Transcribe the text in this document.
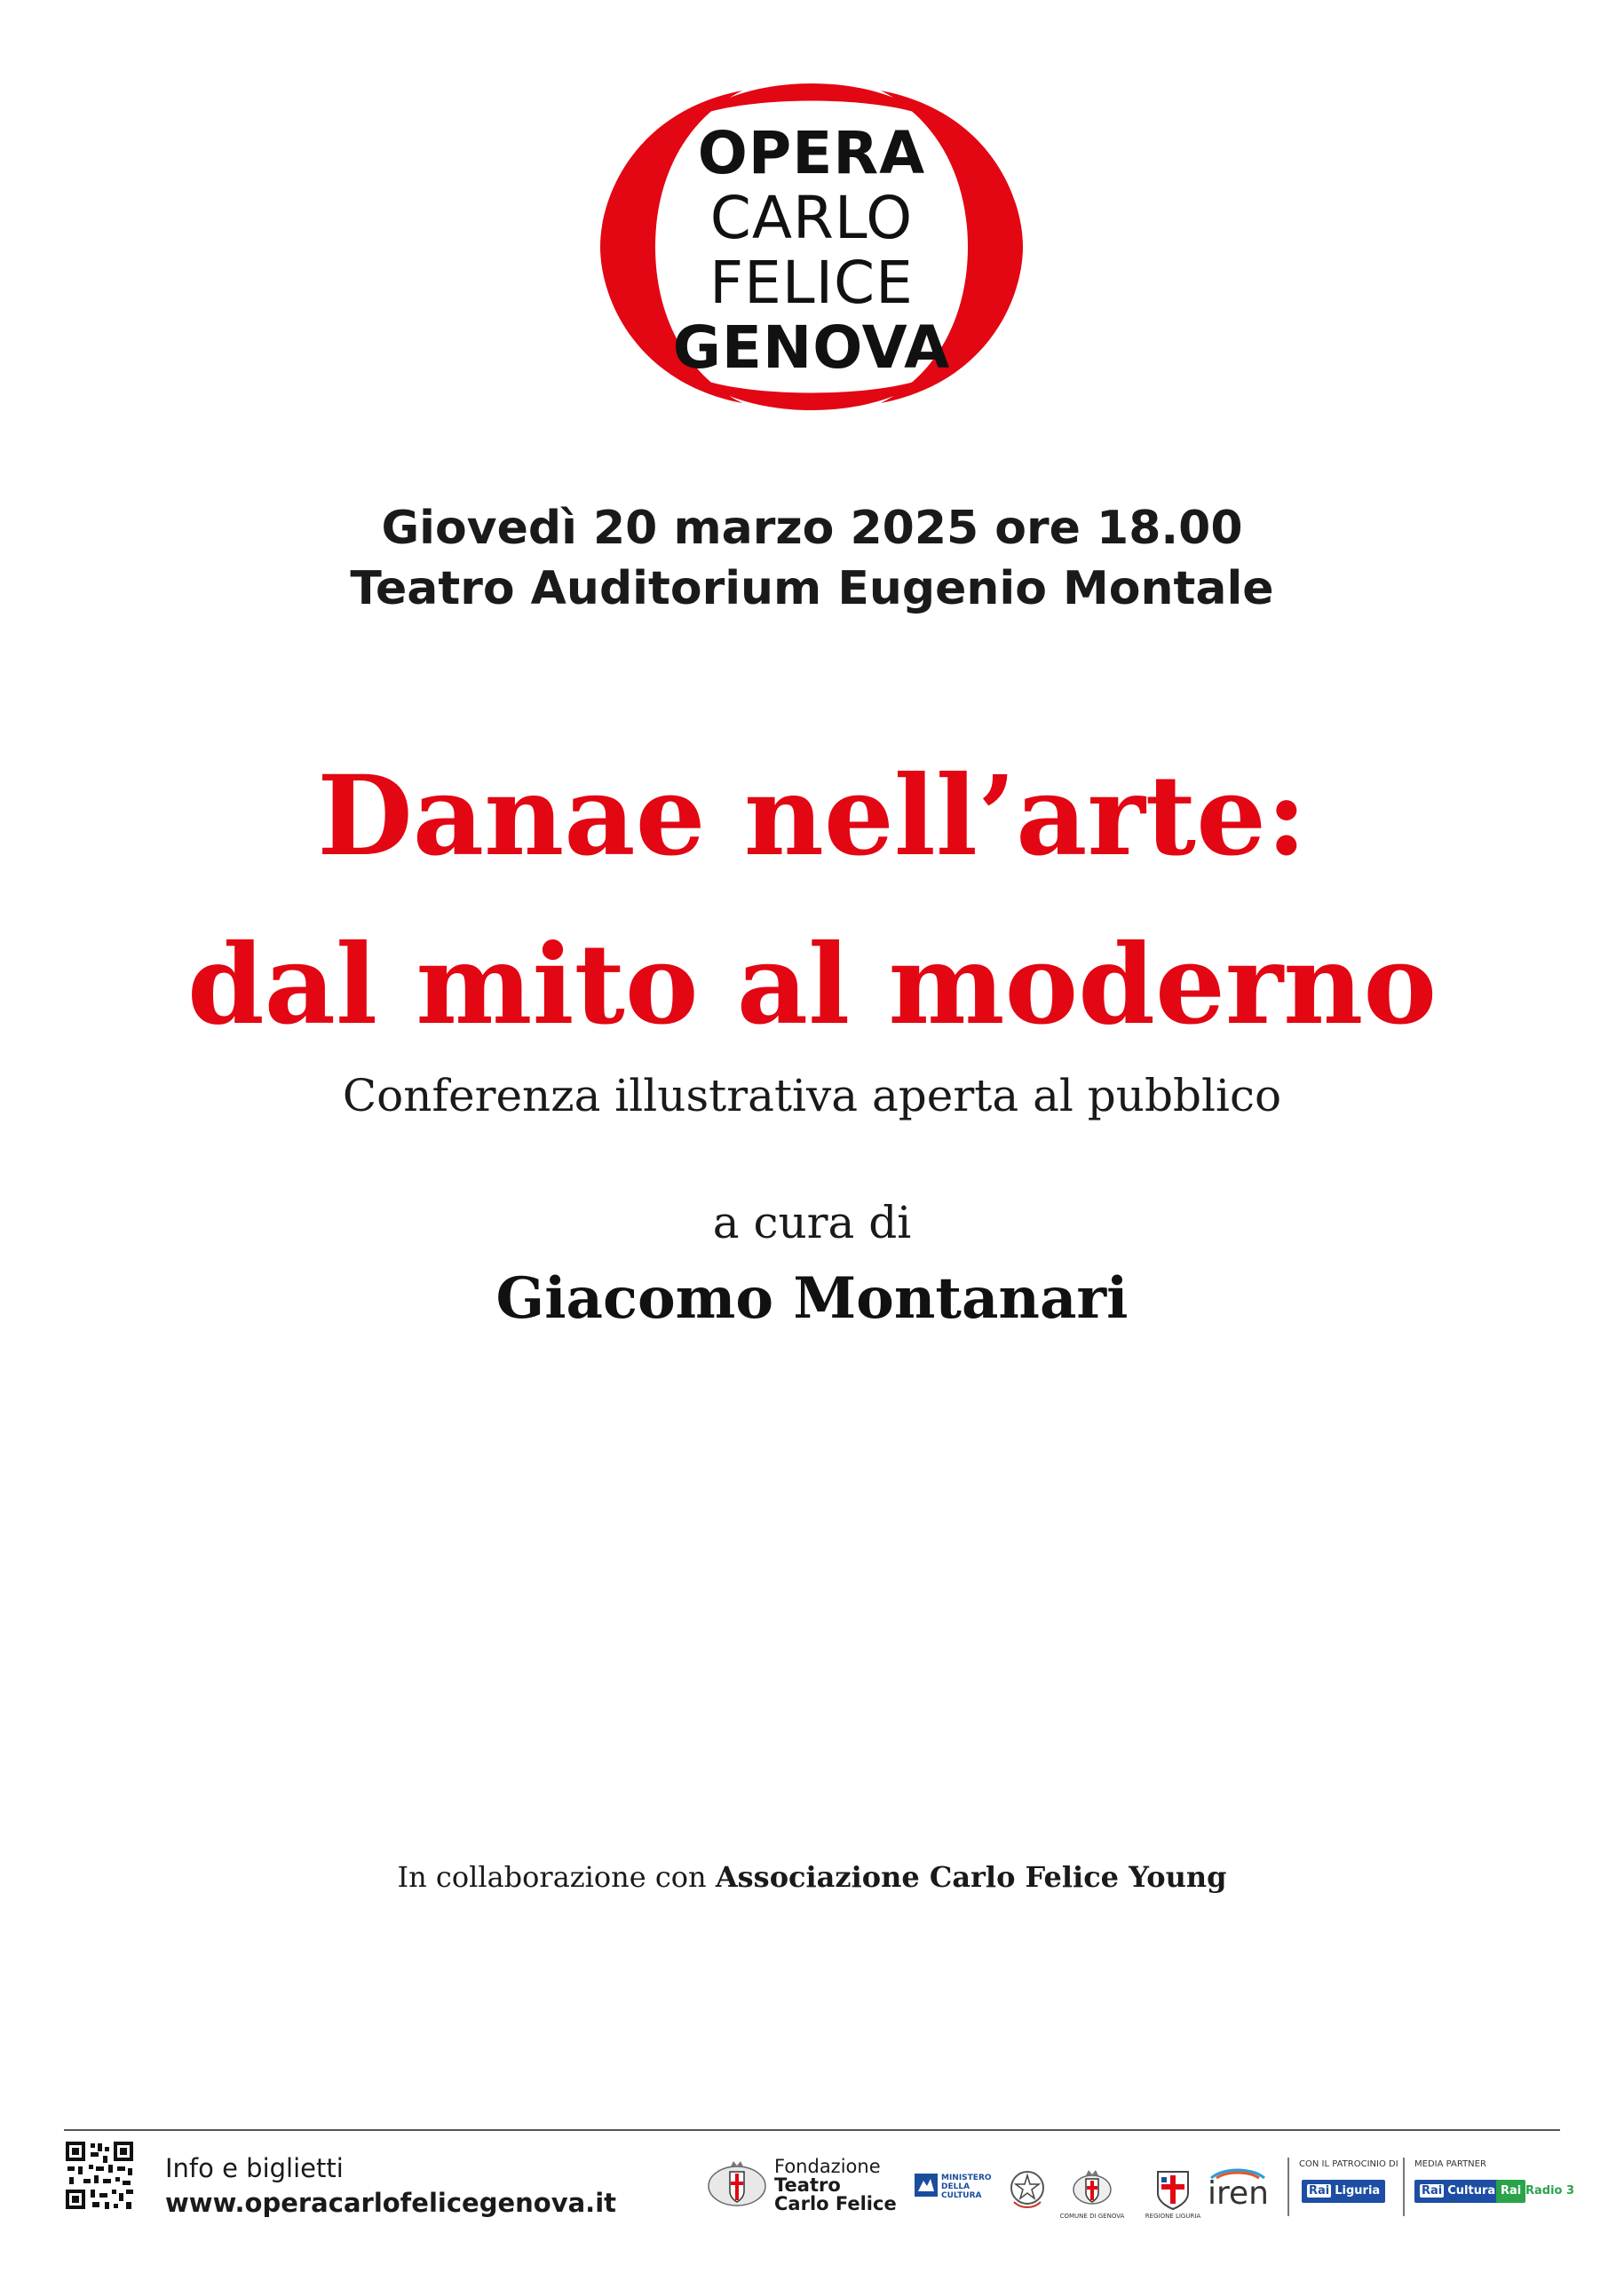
OPERA
CARLO
FELICE
GENOVA
Giovedì 20 marzo 2025 ore 18.00
Teatro Auditorium Eugenio Montale
Danae nell’arte:
dal mito al moderno
Conferenza illustrativa aperta al pubblico
a cura di
Giacomo Montanari
In collaborazione con Associazione Carlo Felice Young
Info e biglietti
www.operacarlofelicegenova.it
Fondazione
Teatro
Carlo Felice
MINISTERO
DELLA
CULTURA
COMUNE DI GENOVA	REGIONE LIGURIA
iren
CON IL PATROCINIO DI
Rai Liguria
MEDIA PARTNER
Rai Cultura Rai Radio 3
